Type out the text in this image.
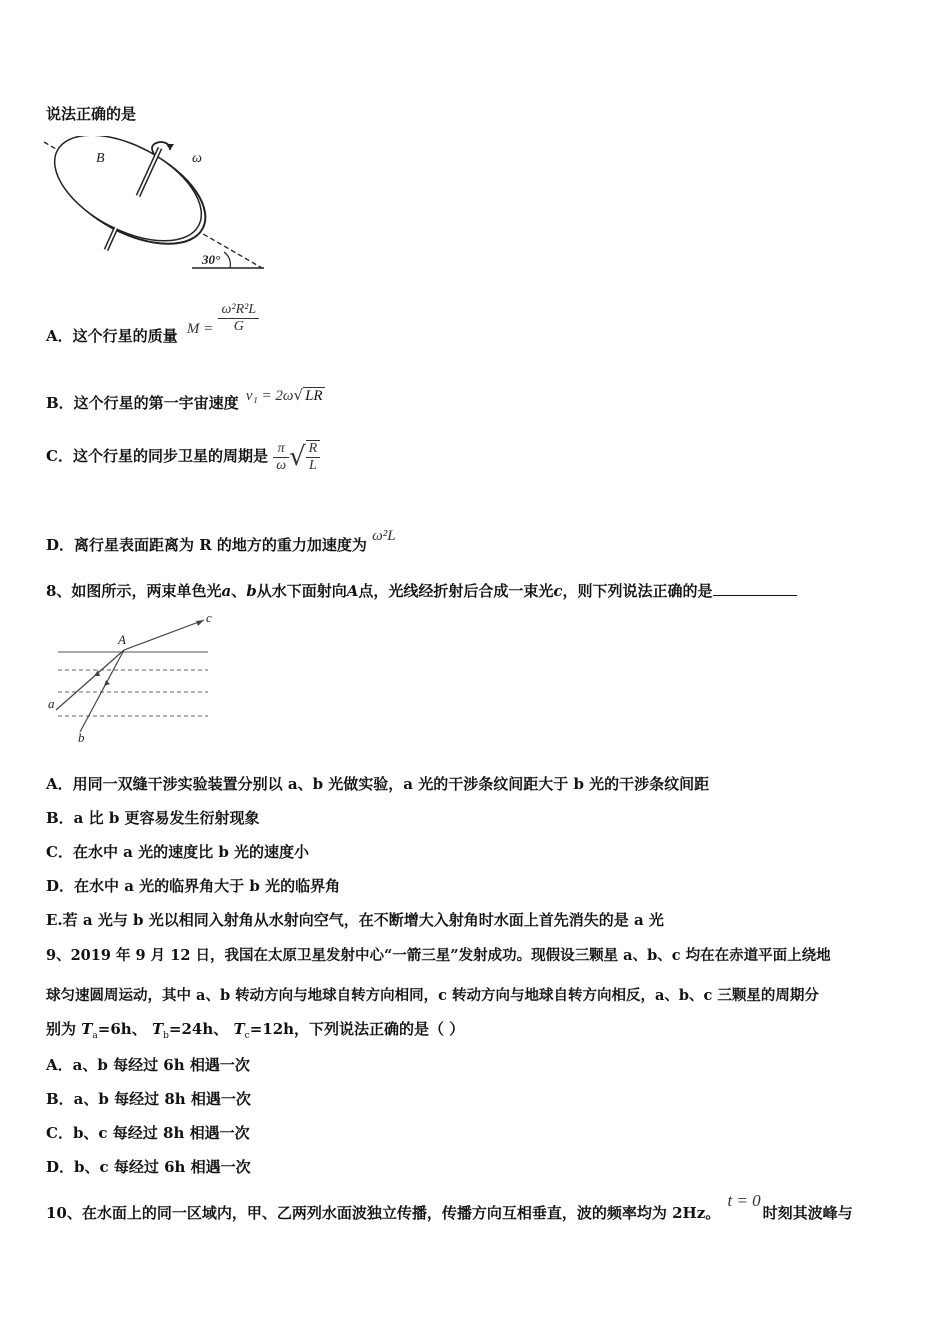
说法正确的是
B	ω
30°
A．这个行星的质量 $M = \frac{\text{ω²R²L}}{G}$
B．这个行星的第一宇宙速度 v₁ = 2ω√ LR
C．这个行星的同步卫星的周期是 $\frac{\pi}{\omega}$ √ $\frac{R}{L}$
D．离行星表面距离为 R 的地方的重力加速度为 ω²L
8、如图所示，两束单色光a、b从水下面射向A点，光线经折射后合成一束光c，则下列说法正确的是
A
c
a
b
A．用同一双缝干涉实验装置分别以 a、b 光做实验，a 光的干涉条纹间距大于 b 光的干涉条纹间距
B．a 比 b 更容易发生衍射现象
C．在水中 a 光的速度比 b 光的速度小
D．在水中 a 光的临界角大于 b 光的临界角
E.若 a 光与 b 光以相同入射角从水射向空气，在不断增大入射角时水面上首先消失的是 a 光
9、2019 年 9 月 12 日，我国在太原卫星发射中心“一箭三星”发射成功。现假设三颗星 a、b、c 均在在赤道平面上绕地
球匀速圆周运动，其中 a、b 转动方向与地球自转方向相同，c 转动方向与地球自转方向相反，a、b、c 三颗星的周期分
别为 $T_a=6h$、 $T_b=24h$、 $T_c=12h$，下列说法正确的是（ ）
A．a、b 每经过 6h 相遇一次
B．a、b 每经过 8h 相遇一次
C．b、c 每经过 8h 相遇一次
D．b、c 每经过 6h 相遇一次
10、在水面上的同一区域内，甲、乙两列水面波独立传播，传播方向互相垂直，波的频率均为 2Hz。 t = 0时刻其波峰与
